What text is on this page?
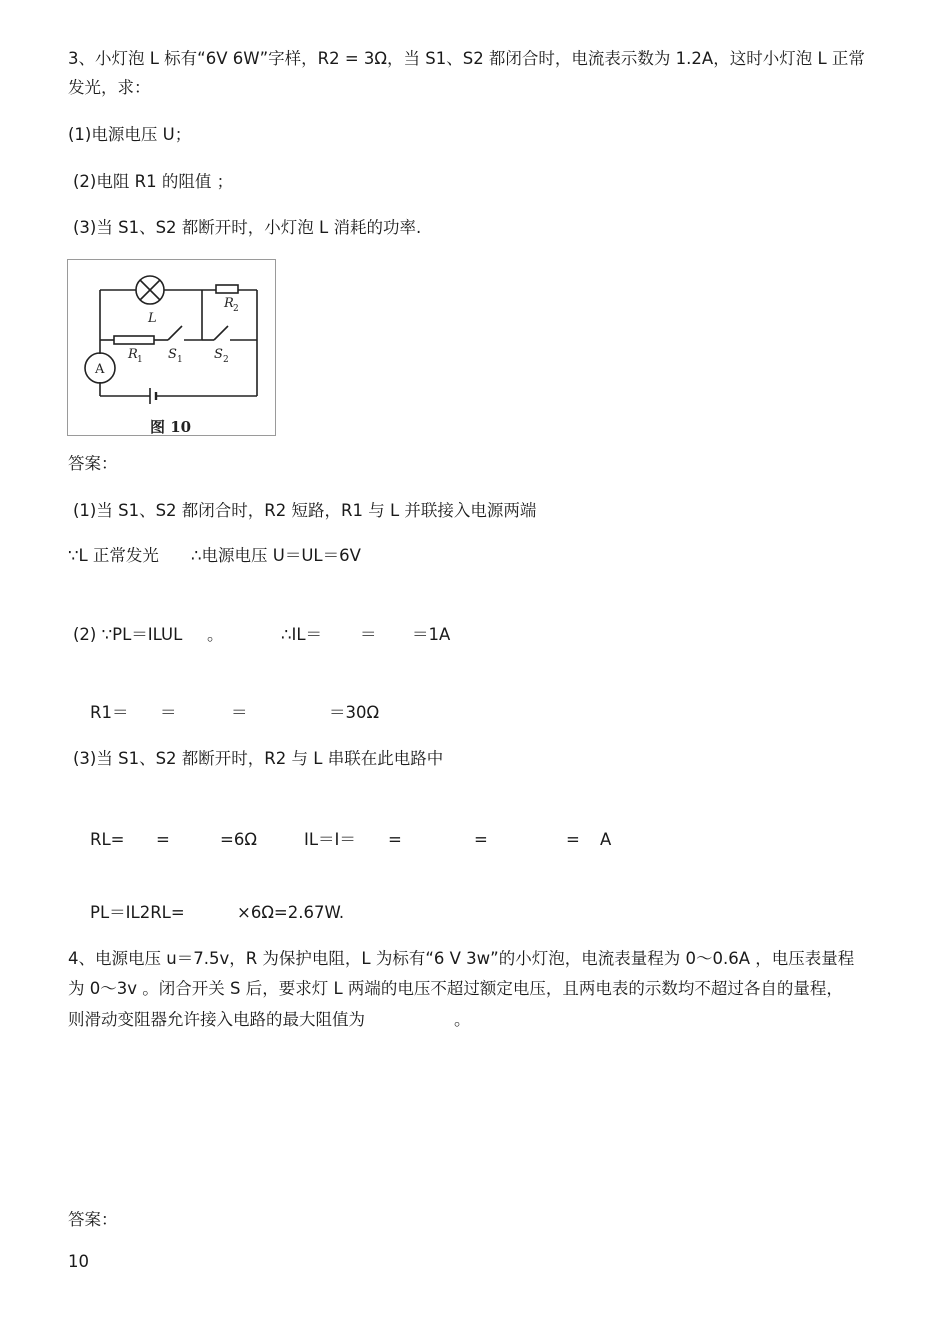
3、小灯泡 L 标有“6V 6W”字样，R2 = 3Ω，当 S1、S2 都闭合时，电流表示数为 1.2A，这时小灯泡 L 正常
发光，求：
(1)电源电压 U；
(2)电阻 R1 的阻值 ；
(3)当 S1、S2 都断开时，小灯泡 L 消耗的功率.
L
R 2
R 1 S 1 S 2
A
图 10
答案：
(1)当 S1、S2 都闭合时，R2 短路，R1 与 L 并联接入电源两端
∵L 正常发光 ∴电源电压 U＝UL＝6V
(2) ∵PL＝ILUL 。	∴IL＝ ＝ ＝1A
R1＝ ＝	＝	＝30Ω
(3)当 S1、S2 都断开时，R2 与 L 串联在此电路中
RL= =	=6Ω	IL＝I＝ =	=	= A
PL＝IL2RL=	×6Ω=2.67W.
4、电源电压 u＝7.5v，R 为保护电阻，L 为标有“6 V 3w”的小灯泡，电流表量程为 0～0.6A ，电压表量程
为 0～3v 。闭合开关 S 后，要求灯 L 两端的电压不超过额定电压，且两电表的示数均不超过各自的量程，
则滑动变阻器允许接入电路的最大阻值为	。
答案：
10
